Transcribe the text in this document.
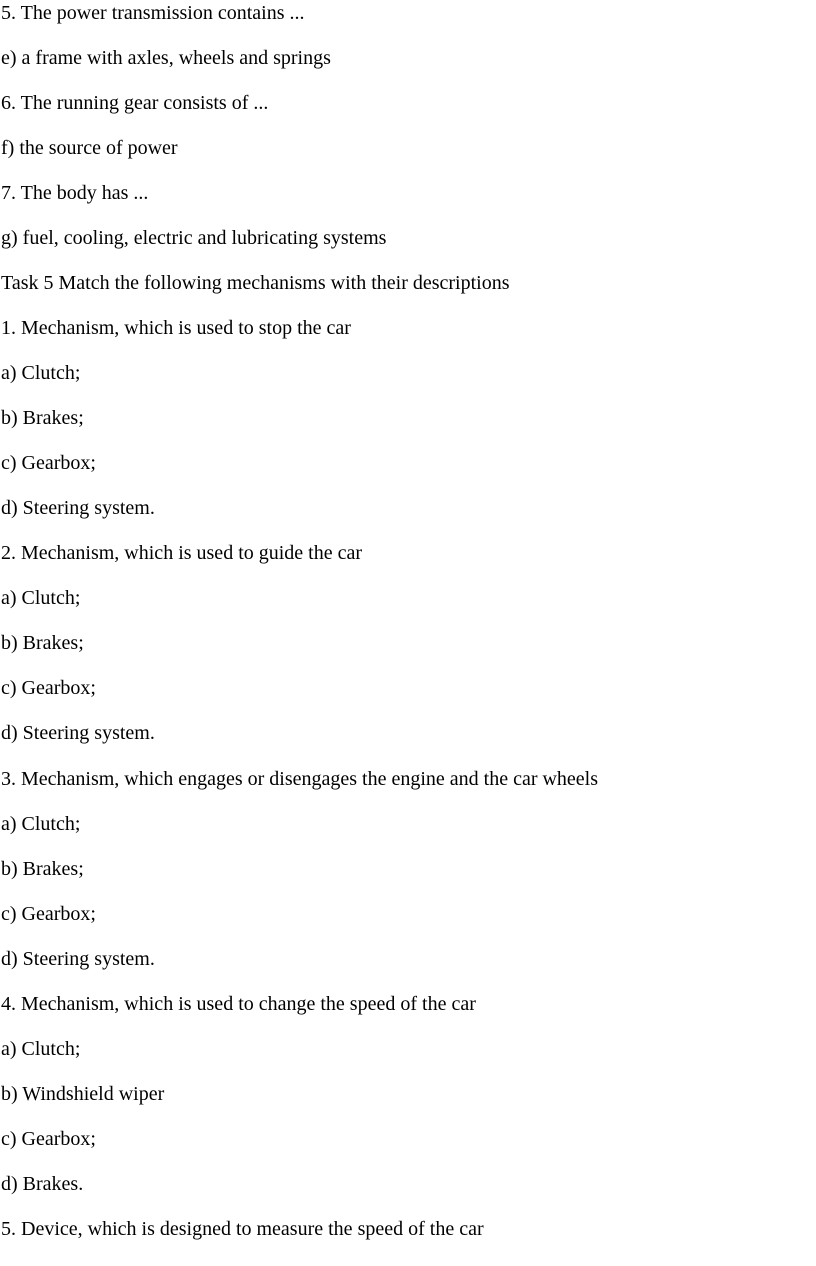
5. The power transmission contains ...

e) a frame with axles, wheels and springs

6. The running gear consists of ...

f) the source of power

7. The body has ...

g) fuel, cooling, electric and lubricating systems

Task 5 Match the following mechanisms with their descriptions

1. Mechanism, which is used to stop the car

a) Clutch;

b) Brakes;

c) Gearbox;

d) Steering system.

2. Mechanism, which is used to guide the car

a) Clutch;

b) Brakes;

c) Gearbox;

d) Steering system.

3. Mechanism, which engages or disengages the engine and the car wheels

a) Clutch;

b) Brakes;

c) Gearbox;

d) Steering system.

4. Mechanism, which is used to change the speed of the car

a) Clutch;

b) Windshield wiper

c) Gearbox;

d) Brakes.

5. Device, which is designed to measure the speed of the car
